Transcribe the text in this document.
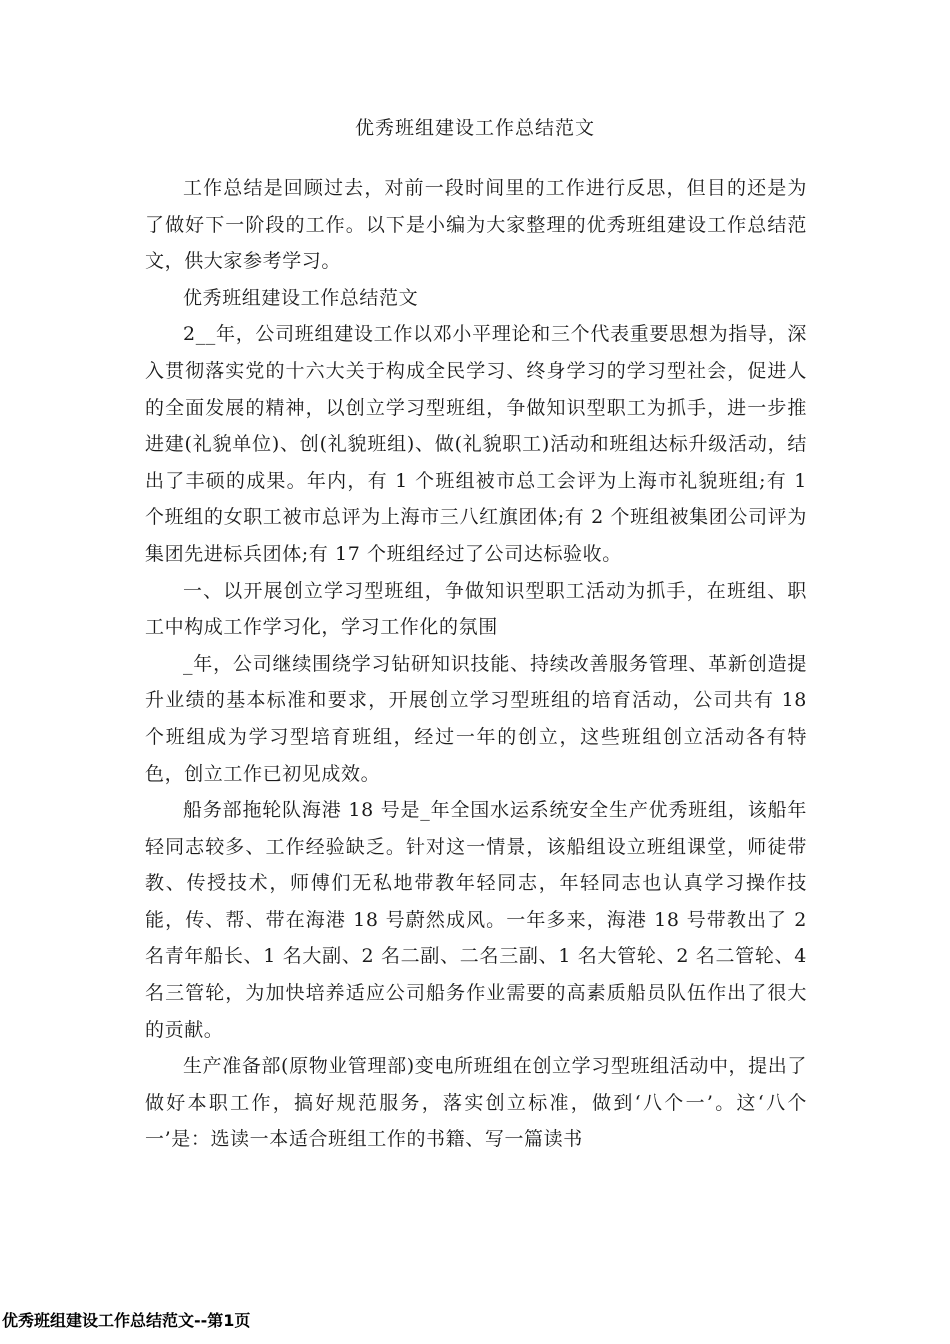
优秀班组建设工作总结范文

工作总结是回顾过去，对前一段时间里的工作进行反思，但目的还是为了做好下一阶段的工作。以下是小编为大家整理的优秀班组建设工作总结范文，供大家参考学习。

优秀班组建设工作总结范文

2__年，公司班组建设工作以邓小平理论和三个代表重要思想为指导，深入贯彻落实党的十六大关于构成全民学习、终身学习的学习型社会，促进人的全面发展的精神，以创立学习型班组，争做知识型职工为抓手，进一步推进建(礼貌单位)、创(礼貌班组)、做(礼貌职工)活动和班组达标升级活动，结出了丰硕的成果。年内，有 1 个班组被市总工会评为上海市礼貌班组;有 1 个班组的女职工被市总评为上海市三八红旗团体;有 2 个班组被集团公司评为集团先进标兵团体;有 17 个班组经过了公司达标验收。

一、以开展创立学习型班组，争做知识型职工活动为抓手，在班组、职工中构成工作学习化，学习工作化的氛围

_年，公司继续围绕学习钻研知识技能、持续改善服务管理、革新创造提升业绩的基本标准和要求，开展创立学习型班组的培育活动，公司共有 18 个班组成为学习型培育班组，经过一年的创立，这些班组创立活动各有特色，创立工作已初见成效。

船务部拖轮队海港 18 号是_年全国水运系统安全生产优秀班组，该船年轻同志较多、工作经验缺乏。针对这一情景，该船组设立班组课堂，师徒带教、传授技术，师傅们无私地带教年轻同志，年轻同志也认真学习操作技能，传、帮、带在海港 18 号蔚然成风。一年多来，海港 18 号带教出了 2 名青年船长、1 名大副、2 名二副、二名三副、1 名大管轮、2 名二管轮、4 名三管轮，为加快培养适应公司船务作业需要的高素质船员队伍作出了很大的贡献。

生产准备部(原物业管理部)变电所班组在创立学习型班组活动中，提出了做好本职工作，搞好规范服务，落实创立标准，做到‘八个一’。这‘八个一’是：选读一本适合班组工作的书籍、写一篇读书

优秀班组建设工作总结范文--第1页
